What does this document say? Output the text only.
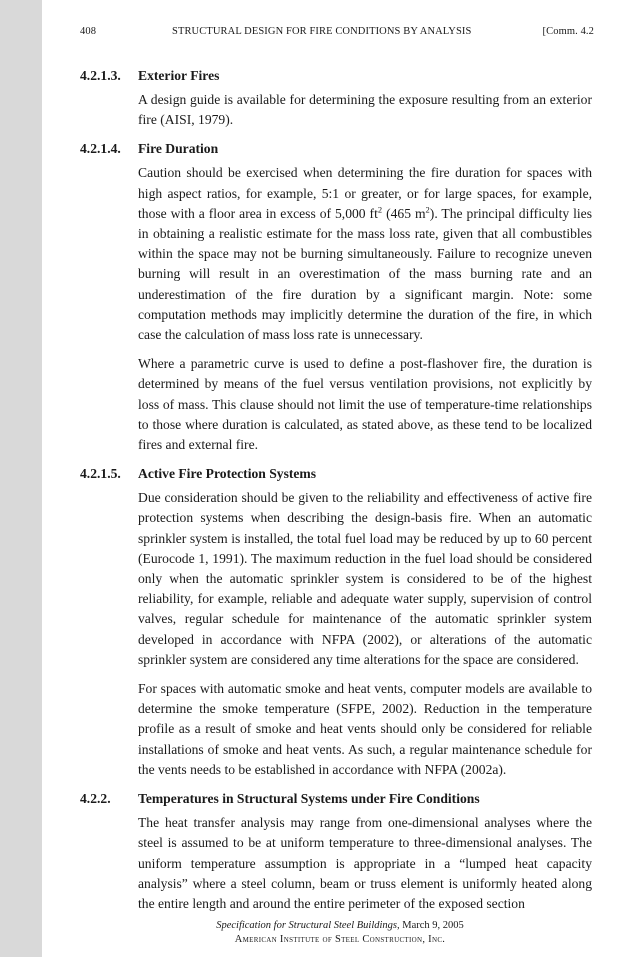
408	STRUCTURAL DESIGN FOR FIRE CONDITIONS BY ANALYSIS	[Comm. 4.2
4.2.1.3.	Exterior Fires

A design guide is available for determining the exposure resulting from an exterior fire (AISI, 1979).

4.2.1.4.	Fire Duration

Caution should be exercised when determining the fire duration for spaces with high aspect ratios, for example, 5:1 or greater, or for large spaces, for example, those with a floor area in excess of 5,000 $ft^2$ (465 $m^2$). The principal difficulty lies in obtaining a realistic estimate for the mass loss rate, given that all combustibles within the space may not be burning simultaneously. Failure to recognize uneven burning will result in an overestimation of the mass burning rate and an underestimation of the fire duration by a significant margin. Note: some computation methods may implicitly determine the duration of the fire, in which case the calculation of mass loss rate is unnecessary.

Where a parametric curve is used to define a post-flashover fire, the duration is determined by means of the fuel versus ventilation provisions, not explicitly by loss of mass. This clause should not limit the use of temperature-time relationships to those where duration is calculated, as stated above, as these tend to be localized fires and external fire.

4.2.1.5.	Active Fire Protection Systems

Due consideration should be given to the reliability and effectiveness of active fire protection systems when describing the design-basis fire. When an automatic sprinkler system is installed, the total fuel load may be reduced by up to 60 percent (Eurocode 1, 1991). The maximum reduction in the fuel load should be considered only when the automatic sprinkler system is considered to be of the highest reliability, for example, reliable and adequate water supply, supervision of control valves, regular schedule for maintenance of the automatic sprinkler system developed in accordance with NFPA (2002), or alterations of the automatic sprinkler system are considered any time alterations for the space are considered.

For spaces with automatic smoke and heat vents, computer models are available to determine the smoke temperature (SFPE, 2002). Reduction in the temperature profile as a result of smoke and heat vents should only be considered for reliable installations of smoke and heat vents. As such, a regular maintenance schedule for the vents needs to be established in accordance with NFPA (2002a).

4.2.2.	Temperatures in Structural Systems under Fire Conditions

The heat transfer analysis may range from one-dimensional analyses where the steel is assumed to be at uniform temperature to three-dimensional analyses. The uniform temperature assumption is appropriate in a “lumped heat capacity analysis” where a steel column, beam or truss element is uniformly heated along the entire length and around the entire perimeter of the exposed section

Specification for Structural Steel Buildings, March 9, 2005
American Institute of Steel Construction, Inc.
